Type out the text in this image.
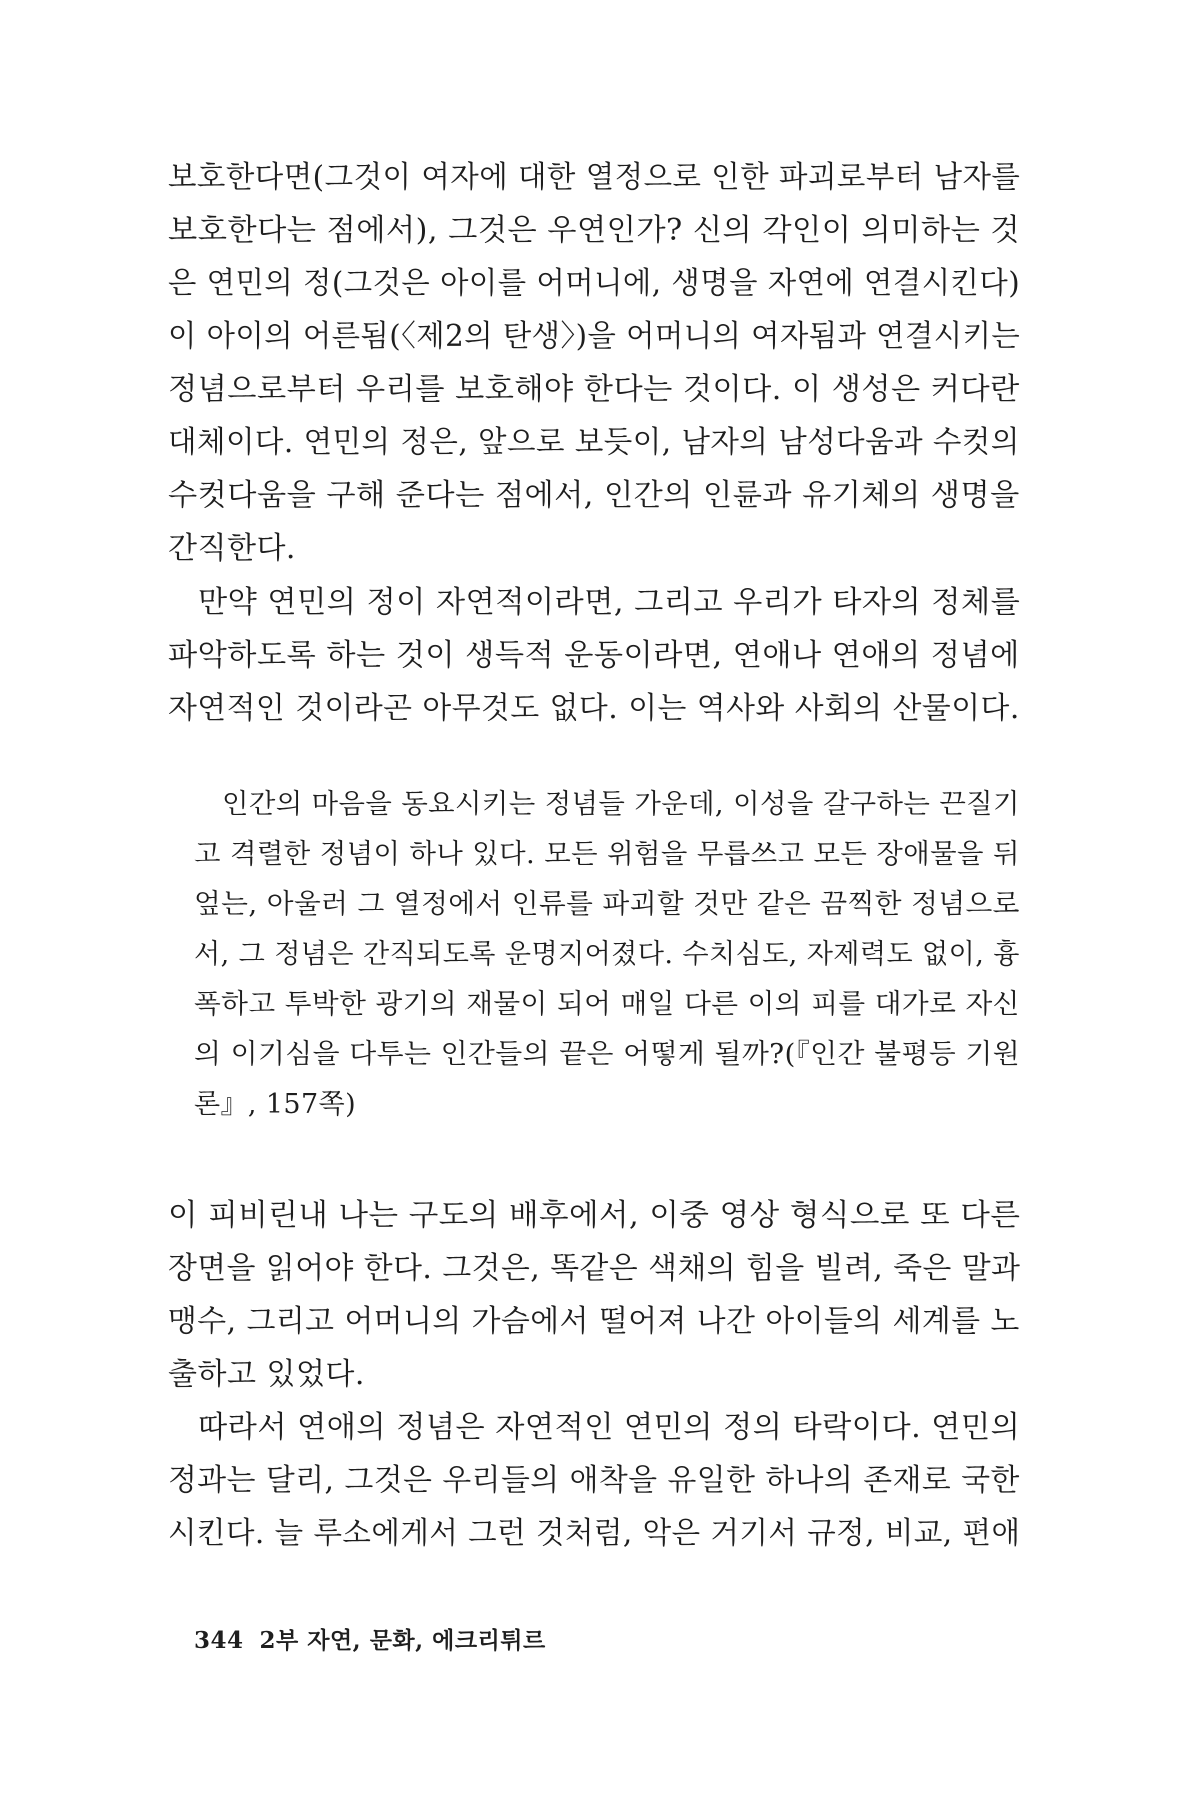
보호한다면(그것이 여자에 대한 열정으로 인한 파괴로부터 남자를
보호한다는 점에서), 그것은 우연인가? 신의 각인이 의미하는 것
은 연민의 정(그것은 아이를 어머니에, 생명을 자연에 연결시킨다)
이 아이의 어른됨(〈제2의 탄생〉)을 어머니의 여자됨과 연결시키는
정념으로부터 우리를 보호해야 한다는 것이다. 이 생성은 커다란
대체이다. 연민의 정은, 앞으로 보듯이, 남자의 남성다움과 수컷의
수컷다움을 구해 준다는 점에서, 인간의 인륜과 유기체의 생명을
간직한다.
만약 연민의 정이 자연적이라면, 그리고 우리가 타자의 정체를
파악하도록 하는 것이 생득적 운동이라면, 연애나 연애의 정념에
자연적인 것이라곤 아무것도 없다. 이는 역사와 사회의 산물이다.
인간의 마음을 동요시키는 정념들 가운데, 이성을 갈구하는 끈질기
고 격렬한 정념이 하나 있다. 모든 위험을 무릅쓰고 모든 장애물을 뒤
엎는, 아울러 그 열정에서 인류를 파괴할 것만 같은 끔찍한 정념으로
서, 그 정념은 간직되도록 운명지어졌다. 수치심도, 자제력도 없이, 흉
폭하고 투박한 광기의 재물이 되어 매일 다른 이의 피를 대가로 자신
의 이기심을 다투는 인간들의 끝은 어떻게 될까?(『인간 불평등 기원
론』, 157쪽)
이 피비린내 나는 구도의 배후에서, 이중 영상 형식으로 또 다른
장면을 읽어야 한다. 그것은, 똑같은 색채의 힘을 빌려, 죽은 말과
맹수, 그리고 어머니의 가슴에서 떨어져 나간 아이들의 세계를 노
출하고 있었다.
따라서 연애의 정념은 자연적인 연민의 정의 타락이다. 연민의
정과는 달리, 그것은 우리들의 애착을 유일한 하나의 존재로 국한
시킨다. 늘 루소에게서 그런 것처럼, 악은 거기서 규정, 비교, 편애
344 2부 자연, 문화, 에크리튀르
